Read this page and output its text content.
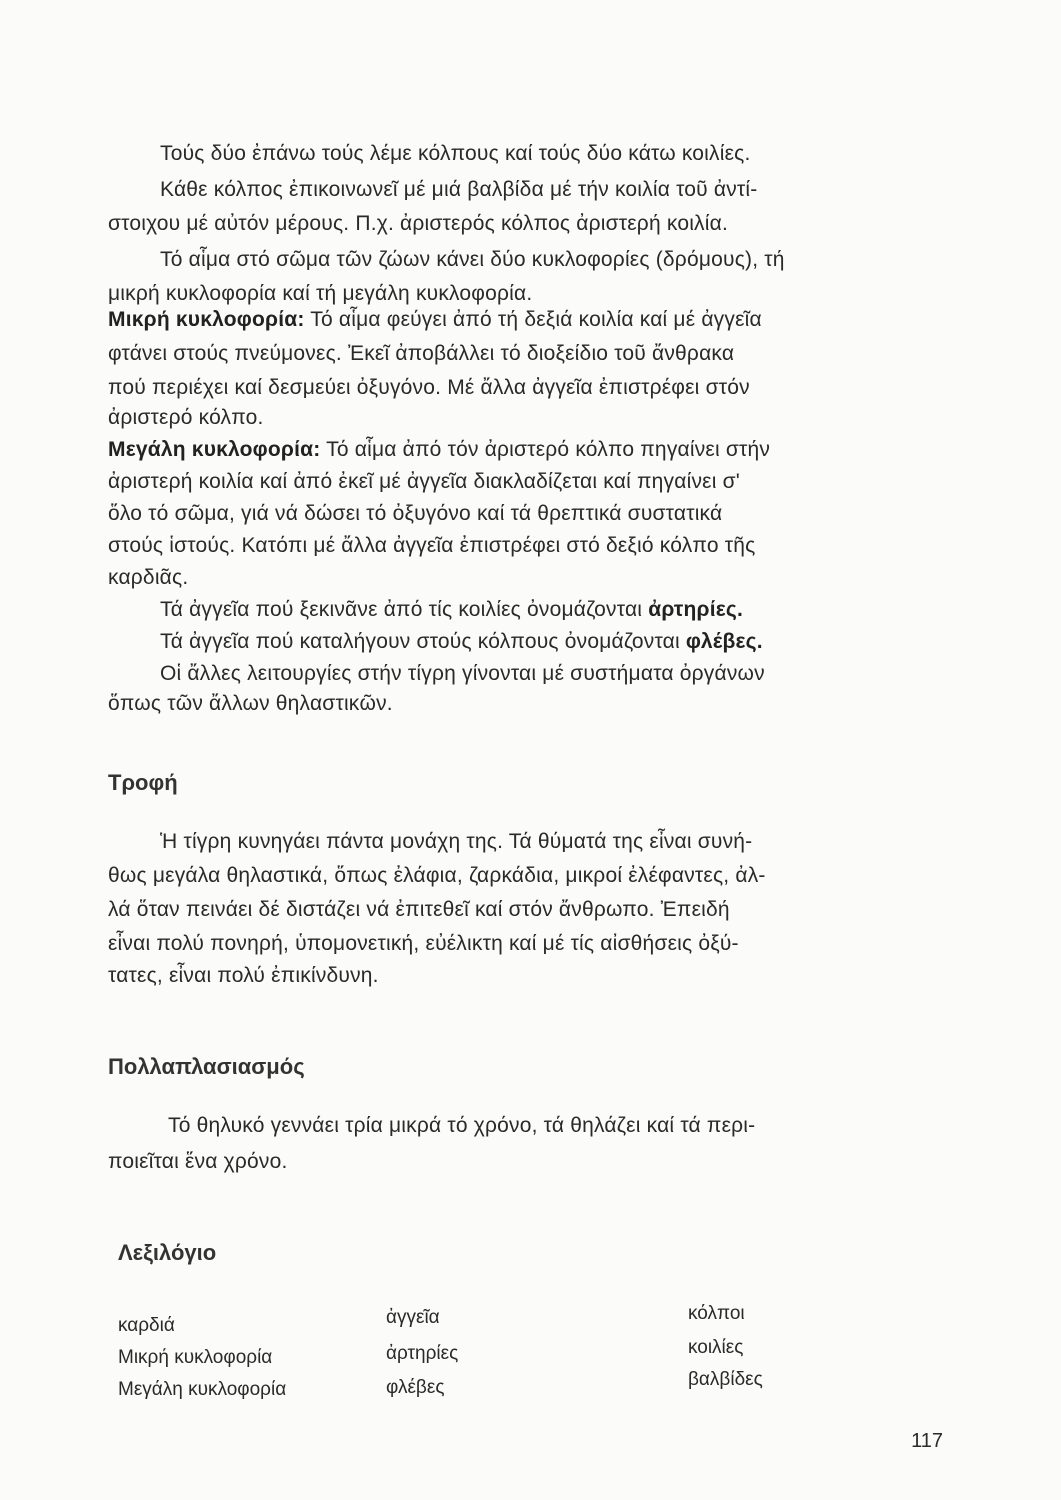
Τούς δύο ἐπάνω τούς λέμε κόλπους καί τούς δύο κάτω κοιλίες.
Κάθε κόλπος ἐπικοινωνεῖ μέ μιά βαλβίδα μέ τήν κοιλία τοῦ ἀντί-
στοιχου μέ αὐτόν μέρους. Π.χ. ἀριστερός κόλπος ἀριστερή κοιλία.
Τό αἷμα στό σῶμα τῶν ζώων κάνει δύο κυκλοφορίες (δρόμους), τή
μικρή κυκλοφορία καί τή μεγάλη κυκλοφορία.
Μικρή κυκλοφορία: Τό αἷμα φεύγει ἀπό τή δεξιά κοιλία καί μέ ἀγγεῖα
φτάνει στούς πνεύμονες. Ἐκεῖ ἀποβάλλει τό διοξείδιο τοῦ ἄνθρακα
πού περιέχει καί δεσμεύει ὀξυγόνο. Μέ ἄλλα ἀγγεῖα ἐπιστρέφει στόν
ἀριστερό κόλπο.
Μεγάλη κυκλοφορία: Τό αἷμα ἀπό τόν ἀριστερό κόλπο πηγαίνει στήν
ἀριστερή κοιλία καί ἀπό ἐκεῖ μέ ἀγγεῖα διακλαδίζεται καί πηγαίνει σ'
ὅλο τό σῶμα, γιά νά δώσει τό ὀξυγόνο καί τά θρεπτικά συστατικά
στούς ἱστούς. Κατόπι μέ ἄλλα ἀγγεῖα ἐπιστρέφει στό δεξιό κόλπο τῆς
καρδιᾶς.
Τά ἀγγεῖα πού ξεκινᾶνε ἀπό τίς κοιλίες ὀνομάζονται ἀρτηρίες.
Τά ἀγγεῖα πού καταλήγουν στούς κόλπους ὀνομάζονται φλέβες.
Οἱ ἄλλες λειτουργίες στήν τίγρη γίνονται μέ συστήματα ὀργάνων
ὅπως τῶν ἄλλων θηλαστικῶν.
Τροφή
Ἡ τίγρη κυνηγάει πάντα μονάχη της. Τά θύματά της εἶναι συνή-
θως μεγάλα θηλαστικά, ὅπως ἐλάφια, ζαρκάδια, μικροί ἐλέφαντες, ἀλ-
λά ὅταν πεινάει δέ διστάζει νά ἐπιτεθεῖ καί στόν ἄνθρωπο. Ἐπειδή
εἶναι πολύ πονηρή, ὑπομονετική, εὐέλικτη καί μέ τίς αἰσθήσεις ὀξύ-
τατες, εἶναι πολύ ἐπικίνδυνη.
Πολλαπλασιασμός
Τό θηλυκό γεννάει τρία μικρά τό χρόνο, τά θηλάζει καί τά περι-
ποιεῖται ἕνα χρόνο.
Λεξιλόγιο
καρδιά
Μικρή κυκλοφορία
Μεγάλη κυκλοφορία
ἀγγεῖα
ἀρτηρίες
φλέβες
κόλποι
κοιλίες
βαλβίδες
117
